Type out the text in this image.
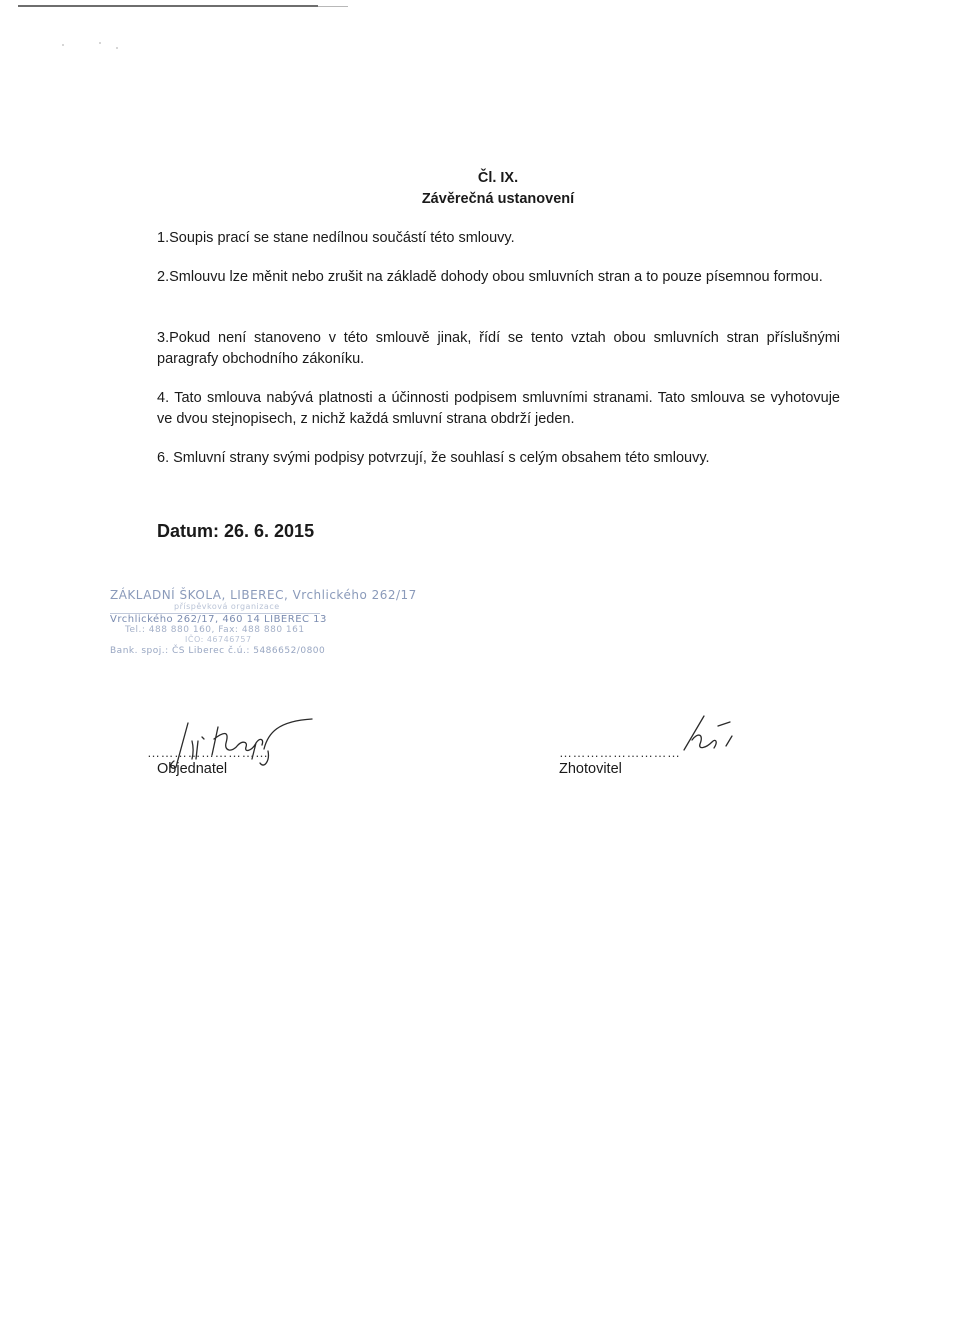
Čl. IX.
Závěrečná ustanovení
1.Soupis prací se stane nedílnou součástí této smlouvy.
2.Smlouvu lze měnit nebo zrušit na základě dohody obou smluvních stran a to pouze písemnou formou.
3.Pokud není stanoveno v této smlouvě jinak, řídí se tento vztah obou smluvních stran příslušnými paragrafy obchodního zákoníku.
4. Tato smlouva nabývá platnosti a účinnosti podpisem smluvními stranami. Tato smlouva se vyhotovuje ve dvou stejnopisech, z nichž každá smluvní strana obdrží jeden.
6. Smluvní strany svými podpisy potvrzují, že souhlasí s celým obsahem této smlouvy.
Datum: 26. 6. 2015
ZÁKLADNÍ ŠKOLA, LIBEREC, Vrchlického 262/17
příspěvková organizace
Vrchlického 262/17, 460 14 LIBEREC 13
Tel.: 488 880 160, Fax: 488 880 161
IČO: 46746757
Bank. spoj.: ČS Liberec č.ú.: 5486652/0800
………………………	………………………
Objednatel	Zhotovitel
